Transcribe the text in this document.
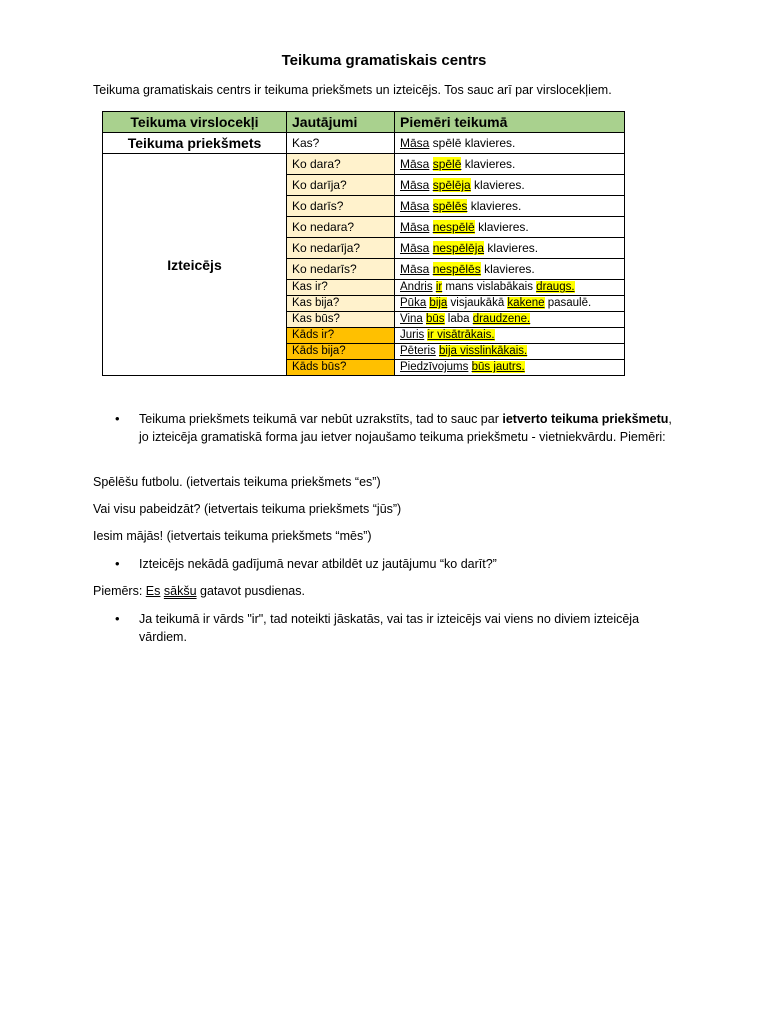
Teikuma gramatiskais centrs

Teikuma gramatiskais centrs ir teikuma priekšmets un izteicējs. Tos sauc arī par virslocekļiem.

Teikuma virslocekļi	Jautājumi	Piemēri teikumā
Teikuma priekšmets	Kas?	Māsa spēlē klavieres.
Izteicējs	Ko dara?	Māsa spēlē klavieres.
	Ko darīja?	Māsa spēlēja klavieres.
	Ko darīs?	Māsa spēlēs klavieres.
	Ko nedara?	Māsa nespēlē klavieres.
	Ko nedarīja?	Māsa nespēlēja klavieres.
	Ko nedarīs?	Māsa nespēlēs klavieres.
	Kas ir?	Andris ir mans vislabākais draugs.
	Kas bija?	Pūka bija visjaukākā kakene pasaulē.
	Kas būs?	Vina būs laba draudzene.
	Kāds ir?	Juris ir visātrākais.
	Kāds bija?	Pēteris bija visslinkākais.
	Kāds būs?	Piedzīvojums būs jautrs.
• Teikuma priekšmets teikumā var nebūt uzrakstīts, tad to sauc par ietverto teikuma priekšmetu, jo izteicēja gramatiskā forma jau ietver nojaušamo teikuma priekšmetu - vietniekvārdu. Piemēri:

Spēlēšu futbolu. (ietvertais teikuma priekšmets “es”)

Vai visu pabeidzāt? (ietvertais teikuma priekšmets “jūs”)

Iesim mājās! (ietvertais teikuma priekšmets “mēs”)

• Izteicējs nekādā gadījumā nevar atbildēt uz jautājumu “ko darīt?”

Piemērs: Es sākšu gatavot pusdienas.

• Ja teikumā ir vārds "ir", tad noteikti jāskatās, vai tas ir izteicējs vai viens no diviem izteicēja vārdiem.
